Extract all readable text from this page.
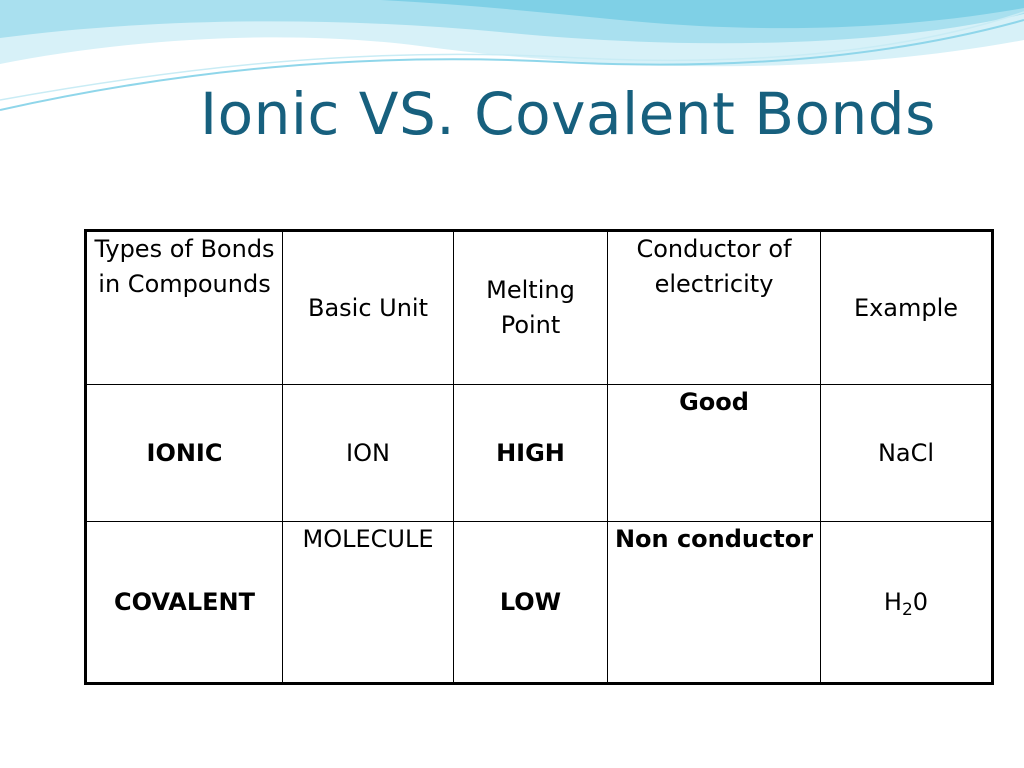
Ionic VS. Covalent Bonds
Types of Bonds in Compounds	Basic Unit	Melting Point	Conductor of electricity	Example
IONIC	ION	HIGH	Good	NaCl
COVALENT	MOLECULE	LOW	Non conductor	$H_20$
